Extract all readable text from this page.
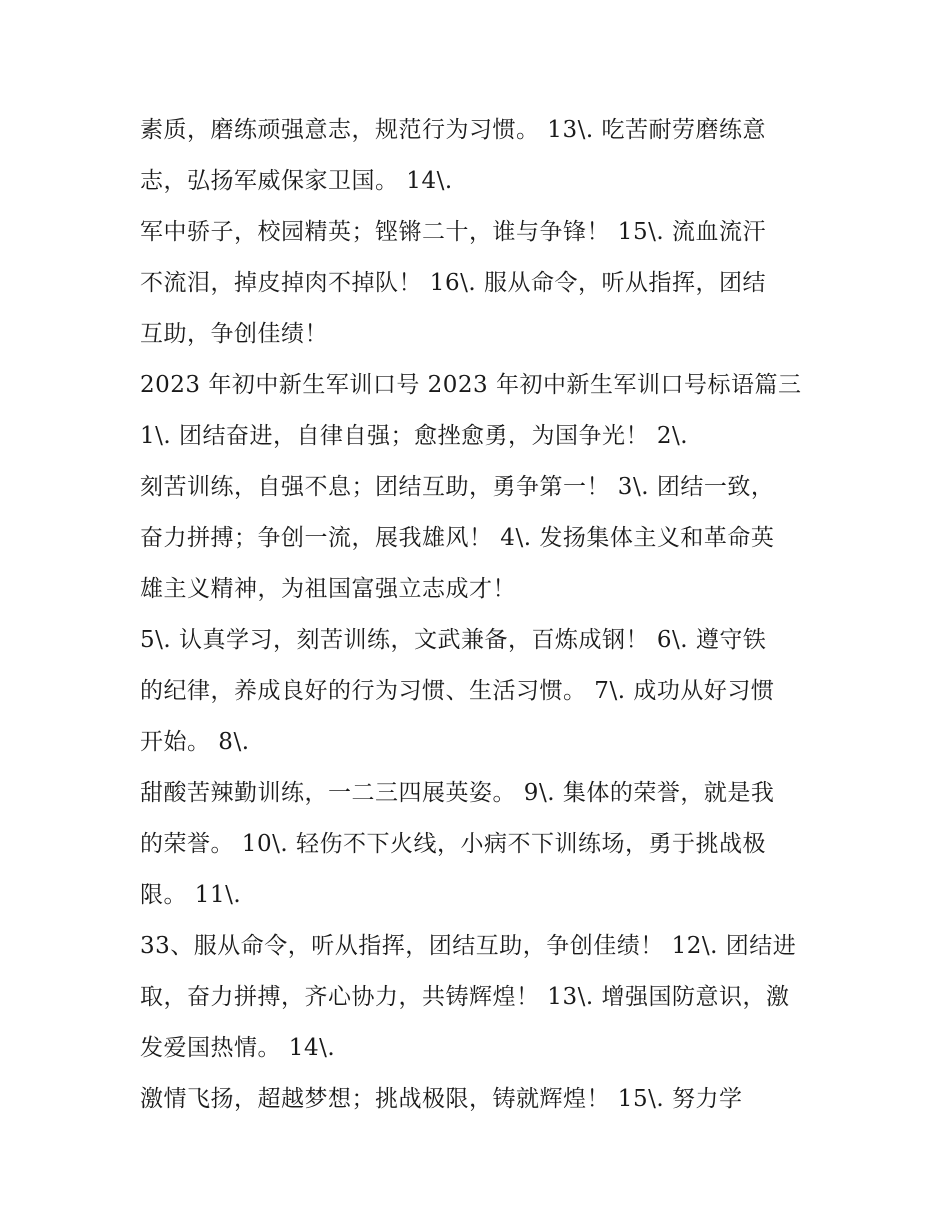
素质，磨练顽强意志，规范行为习惯。 13\. 吃苦耐劳磨练意
志，弘扬军威保家卫国。 14\.
军中骄子，校园精英；铿锵二十，谁与争锋！ 15\. 流血流汗
不流泪，掉皮掉肉不掉队！ 16\. 服从命令，听从指挥，团结
互助，争创佳绩！
2023 年初中新生军训口号 2023 年初中新生军训口号标语篇三
1\. 团结奋进，自律自强；愈挫愈勇，为国争光！ 2\.
刻苦训练，自强不息；团结互助，勇争第一！ 3\. 团结一致，
奋力拼搏；争创一流，展我雄风！ 4\. 发扬集体主义和革命英
雄主义精神，为祖国富强立志成才！
5\. 认真学习，刻苦训练，文武兼备，百炼成钢！ 6\. 遵守铁
的纪律，养成良好的行为习惯、生活习惯。 7\. 成功从好习惯
开始。 8\.
甜酸苦辣勤训练，一二三四展英姿。 9\. 集体的荣誉，就是我
的荣誉。 10\. 轻伤不下火线，小病不下训练场，勇于挑战极
限。 11\.
33、服从命令，听从指挥，团结互助，争创佳绩！ 12\. 团结进
取，奋力拼搏，齐心协力，共铸辉煌！ 13\. 增强国防意识，激
发爱国热情。 14\.
激情飞扬，超越梦想；挑战极限，铸就辉煌！ 15\. 努力学
